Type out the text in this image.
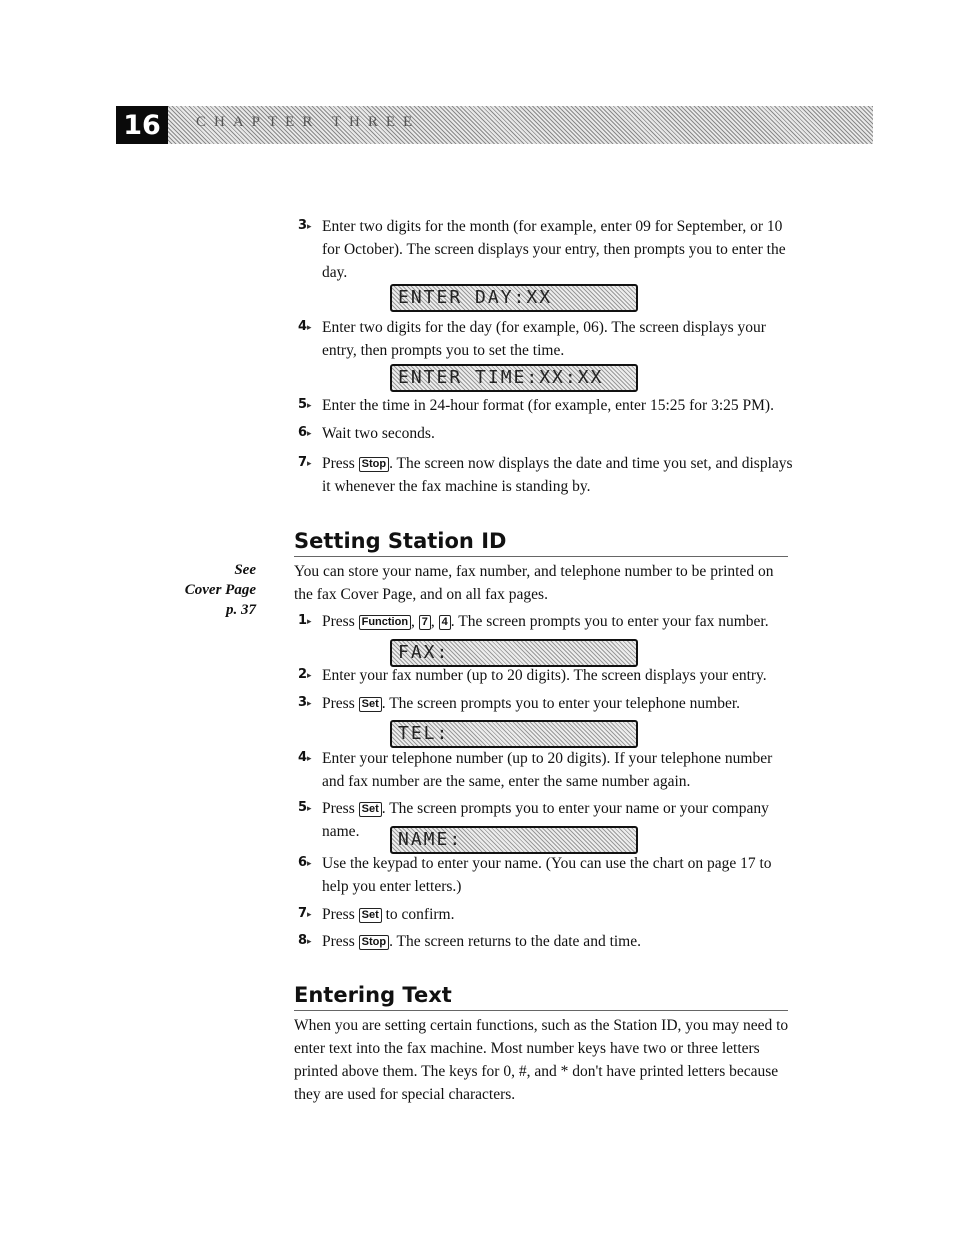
16	CHAPTER THREE
3 ▸	Enter two digits for the month (for example, enter 09 for September, or 10 for October). The screen displays your entry, then prompts you to enter the day.
ENTER DAY:XX
4 ▸	Enter two digits for the day (for example, 06). The screen displays your entry, then prompts you to set the time.
ENTER TIME:XX:XX
5 ▸	Enter the time in 24-hour format (for example, enter 15:25 for 3:25 PM).
6 ▸	Wait two seconds.
7 ▸	Press Stop . The screen now displays the date and time you set, and displays it whenever the fax machine is standing by.
Setting Station ID
See
Cover Page
p. 37
You can store your name, fax number, and telephone number to be printed on the fax Cover Page, and on all fax pages.
1 ▸	Press Function , 7 , 4 . The screen prompts you to enter your fax number.
FAX:
2 ▸	Enter your fax number (up to 20 digits). The screen displays your entry.
3 ▸	Press Set . The screen prompts you to enter your telephone number.
TEL:
4 ▸	Enter your telephone number (up to 20 digits). If your telephone number and fax number are the same, enter the same number again.
5 ▸	Press Set . The screen prompts you to enter your name or your company name.	NAME:
6 ▸	Use the keypad to enter your name. (You can use the chart on page 17 to help you enter letters.)
7 ▸	Press Set to confirm.
8 ▸	Press Stop . The screen returns to the date and time.
Entering Text
When you are setting certain functions, such as the Station ID, you may need to enter text into the fax machine. Most number keys have two or three letters printed above them. The keys for 0, #, and * don't have printed letters because they are used for special characters.
